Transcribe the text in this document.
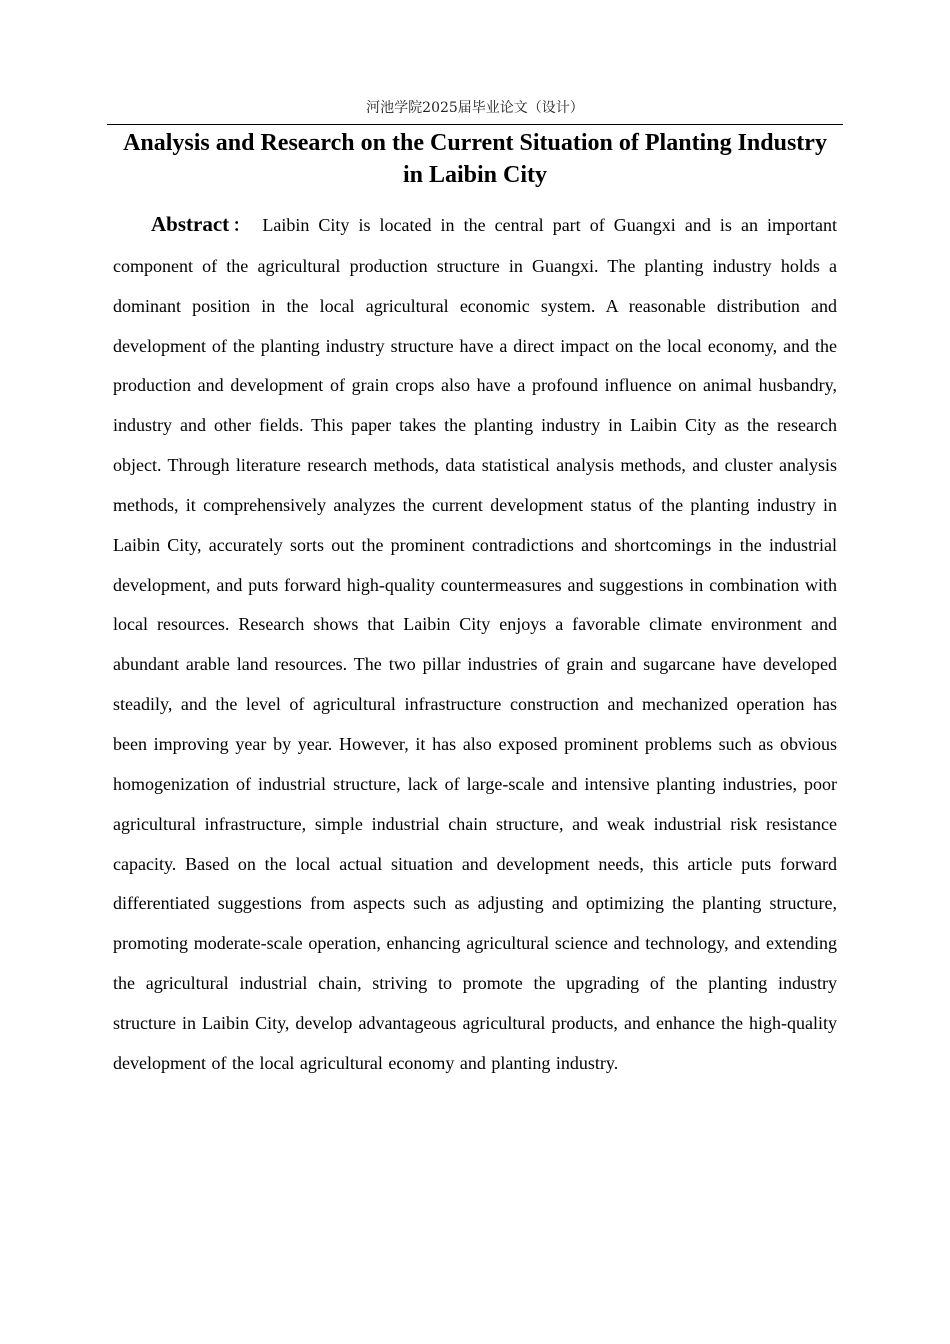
河池学院2025届毕业论文（设计）
Analysis and Research on the Current Situation of Planting Industry in Laibin City

Abstract： Laibin City is located in the central part of Guangxi and is an important component of the agricultural production structure in Guangxi. The planting industry holds a dominant position in the local agricultural economic system. A reasonable distribution and development of the planting industry structure have a direct impact on the local economy, and the production and development of grain crops also have a profound influence on animal husbandry, industry and other fields. This paper takes the planting industry in Laibin City as the research object. Through literature research methods, data statistical analysis methods, and cluster analysis methods, it comprehensively analyzes the current development status of the planting industry in Laibin City, accurately sorts out the prominent contradictions and shortcomings in the industrial development, and puts forward high-quality countermeasures and suggestions in combination with local resources. Research shows that Laibin City enjoys a favorable climate environment and abundant arable land resources. The two pillar industries of grain and sugarcane have developed steadily, and the level of agricultural infrastructure construction and mechanized operation has been improving year by year. However, it has also exposed prominent problems such as obvious homogenization of industrial structure, lack of large-scale and intensive planting industries, poor agricultural infrastructure, simple industrial chain structure, and weak industrial risk resistance capacity. Based on the local actual situation and development needs, this article puts forward differentiated suggestions from aspects such as adjusting and optimizing the planting structure, promoting moderate-scale operation, enhancing agricultural science and technology, and extending the agricultural industrial chain, striving to promote the upgrading of the planting industry structure in Laibin City, develop advantageous agricultural products, and enhance the high-quality development of the local agricultural economy and planting industry.
